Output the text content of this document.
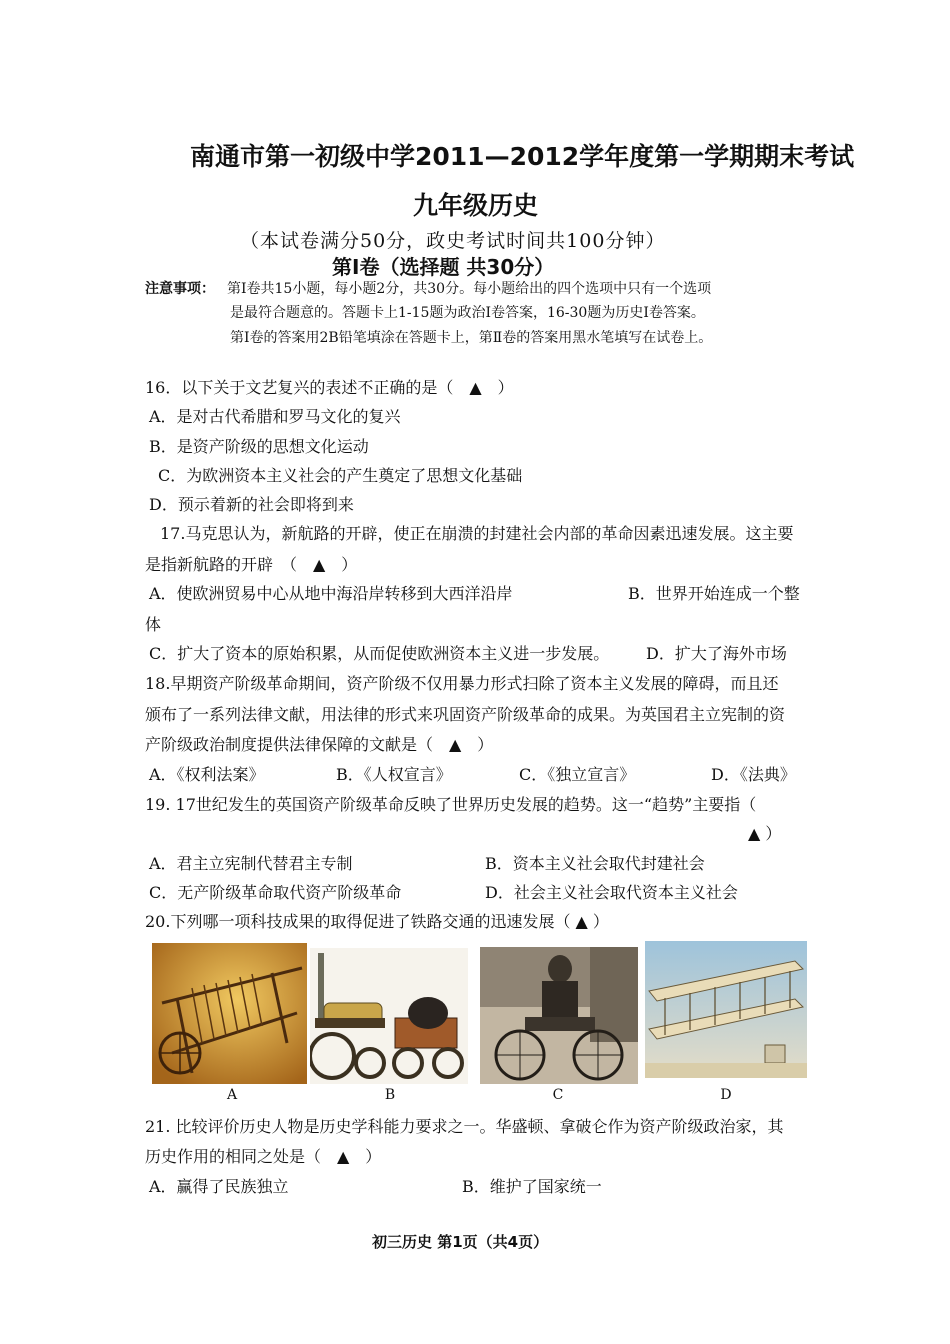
南通市第一初级中学2011—2012学年度第一学期期末考试
九年级历史
（本试卷满分50分，政史考试时间共100分钟）
第Ⅰ卷（选择题 共30分）
注意事项： 第Ⅰ卷共15小题，每小题2分，共30分。每小题给出的四个选项中只有一个选项
是最符合题意的。答题卡上1-15题为政治Ⅰ卷答案，16-30题为历史Ⅰ卷答案。
第Ⅰ卷的答案用2B铅笔填涂在答题卡上，第Ⅱ卷的答案用黑水笔填写在试卷上。
16．以下关于文艺复兴的表述不正确的是（　▲　）
A．是对古代希腊和罗马文化的复兴
B．是资产阶级的思想文化运动
C．为欧洲资本主义社会的产生奠定了思想文化基础
D．预示着新的社会即将到来
17.马克思认为，新航路的开辟，使正在崩溃的封建社会内部的革命因素迅速发展。这主要
是指新航路的开辟　（　▲　）
A．使欧洲贸易中心从地中海沿岸转移到大西洋沿岸	B．世界开始连成一个整
体
C．扩大了资本的原始积累，从而促使欧洲资本主义进一步发展。 D．扩大了海外市场
18.早期资产阶级革命期间，资产阶级不仅用暴力形式扫除了资本主义发展的障碍，而且还
颁布了一系列法律文献，用法律的形式来巩固资产阶级革命的成果。为英国君主立宪制的资
产阶级政治制度提供法律保障的文献是（　▲　）
A．《权利法案》	B．《人权宣言》	C．《独立宣言》	D．《法典》
19. 17世纪发生的英国资产阶级革命反映了世界历史发展的趋势。这一“趋势”主要指（
▲ ）
A．君主立宪制代替君主专制	B．资本主义社会取代封建社会
C．无产阶级革命取代资产阶级革命	D．社会主义社会取代资本主义社会
20.下列哪一项科技成果的取得促进了铁路交通的迅速发展（ ▲ ）
A	B	C	D
21. 比较评价历史人物是历史学科能力要求之一。华盛顿、拿破仑作为资产阶级政治家，其
历史作用的相同之处是（　▲　）
A．赢得了民族独立	B．维护了国家统一
初三历史 第1页（共4页）
